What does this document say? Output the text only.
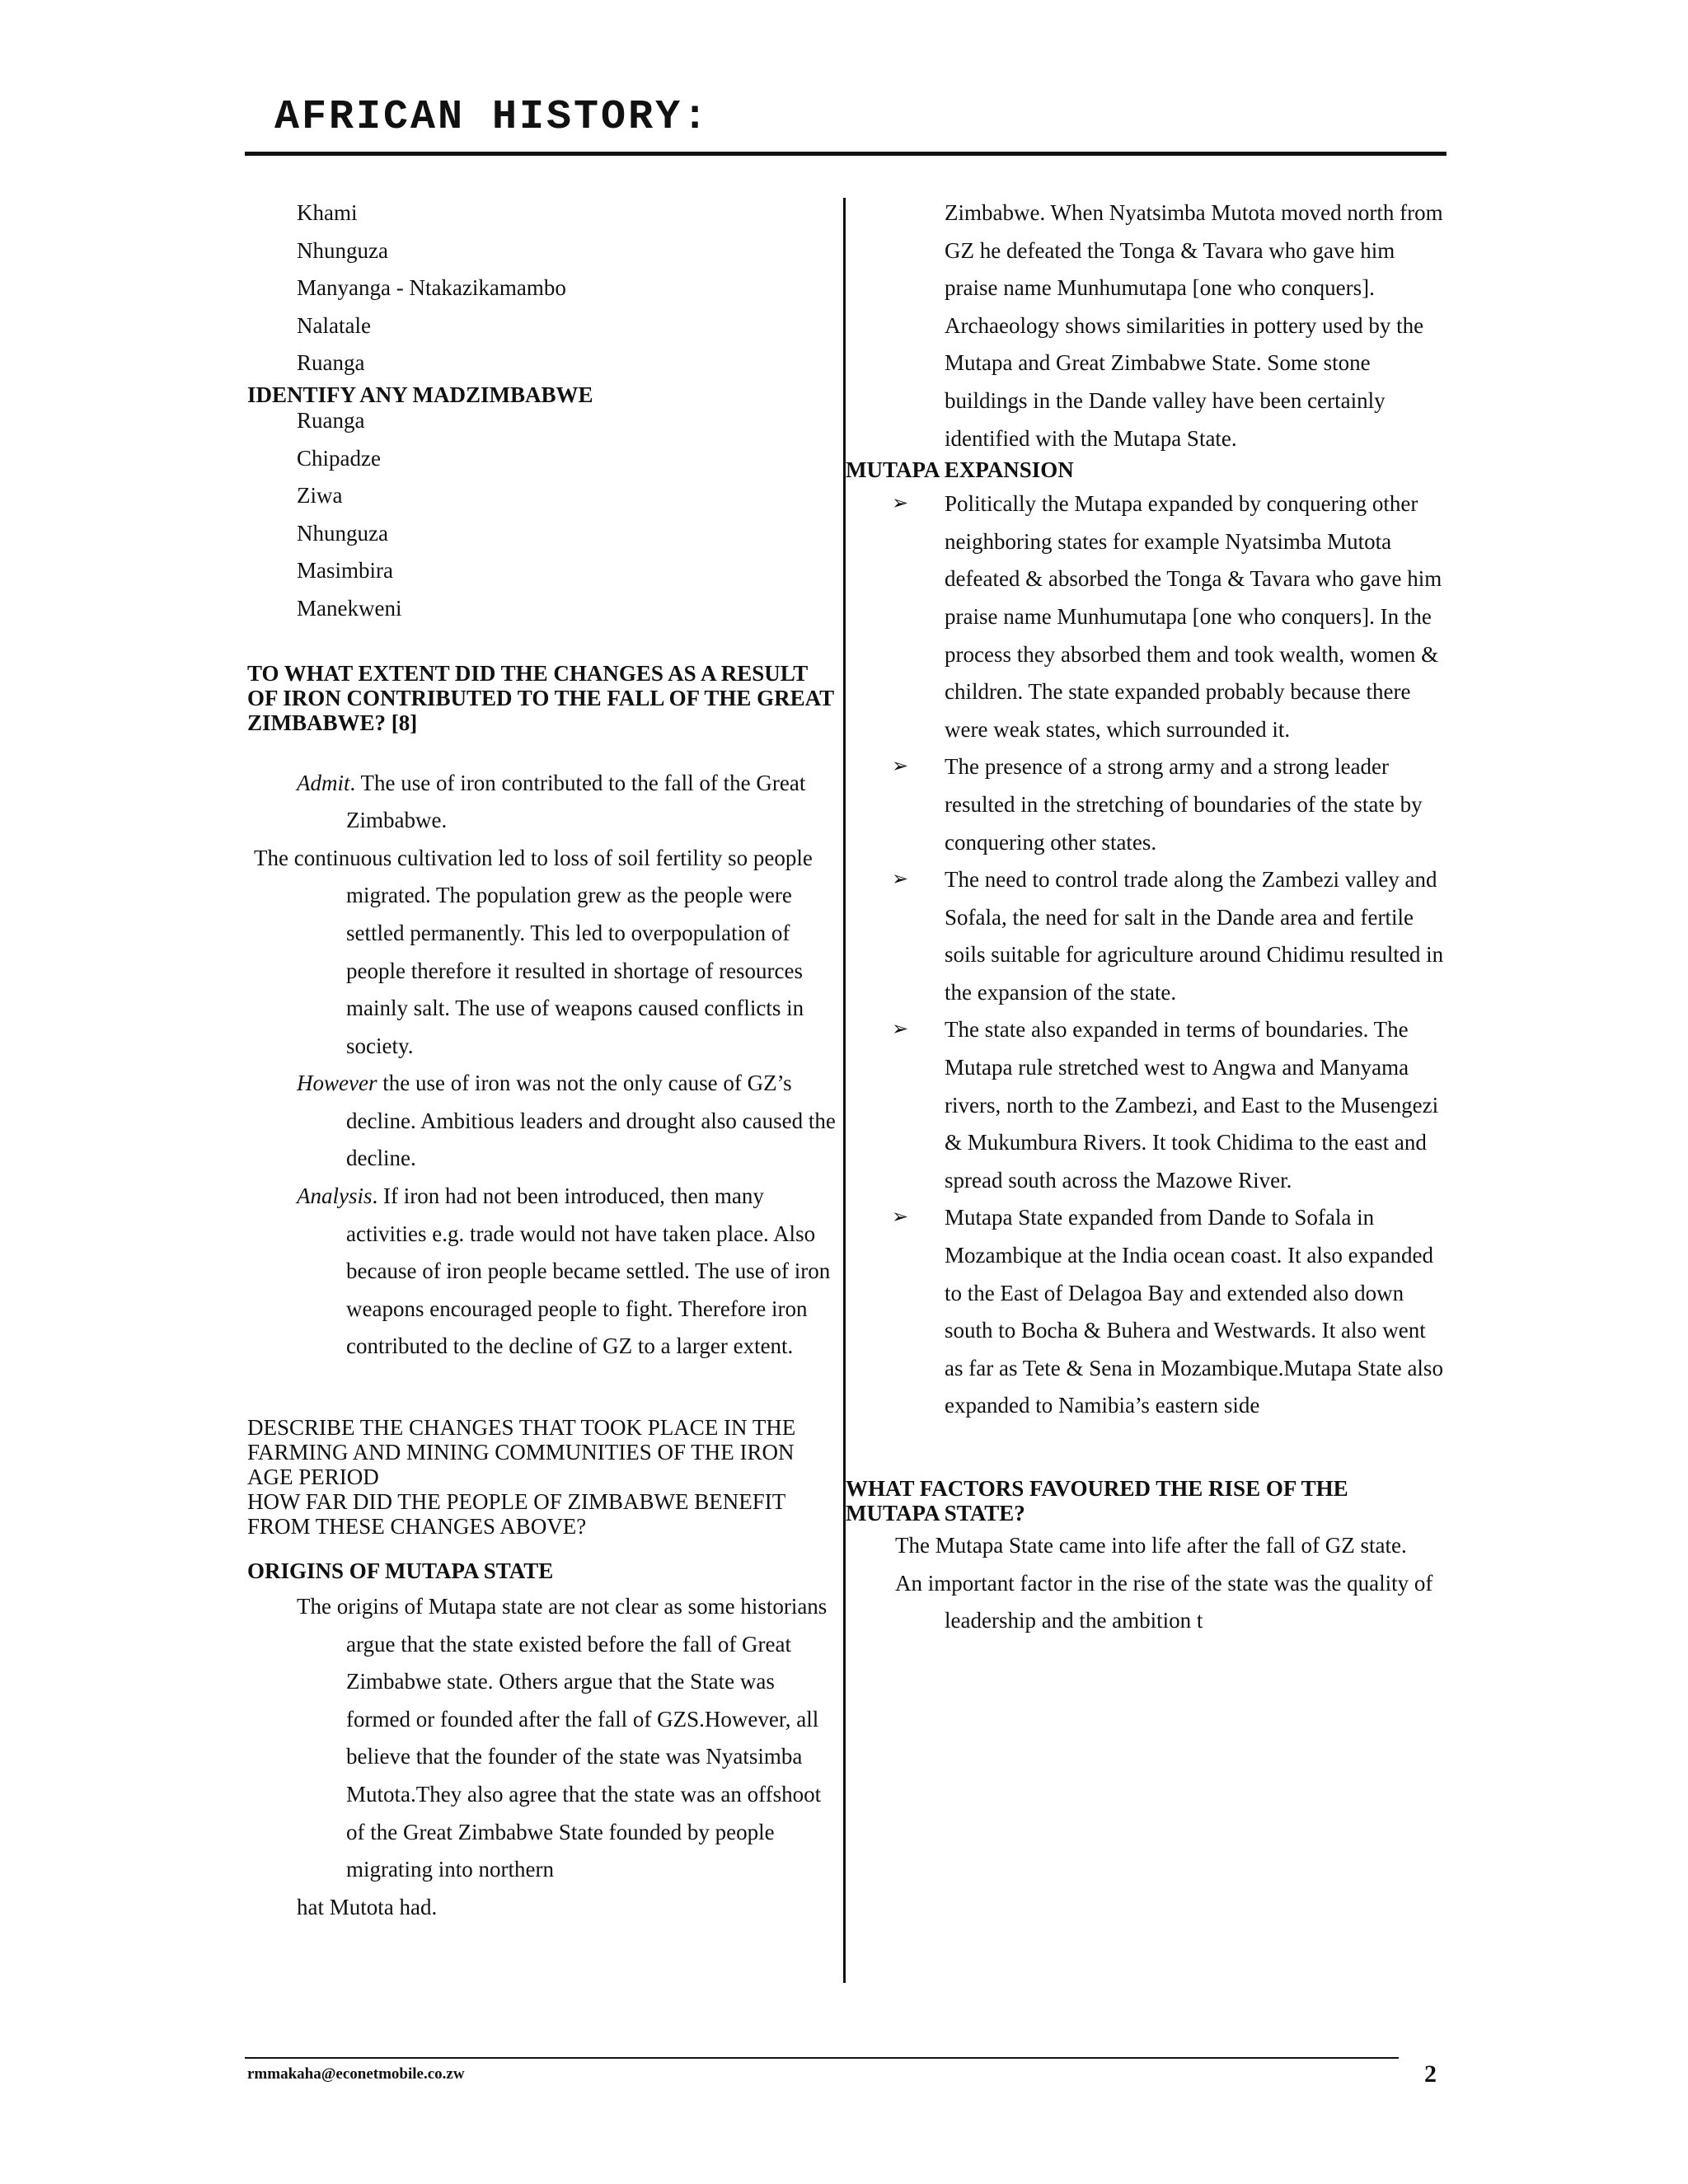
AFRICAN HISTORY:
Khami
Nhunguza
Manyanga - Ntakazikamambo
Nalatale
Ruanga

IDENTIFY ANY MADZIMBABWE

Ruanga
Chipadze
Ziwa
Nhunguza
Masimbira
Manekweni

TO WHAT EXTENT DID THE CHANGES AS A RESULT OF IRON CONTRIBUTED TO THE FALL OF THE GREAT ZIMBABWE? [8]

Admit. The use of iron contributed to the fall of the Great Zimbabwe.

The continuous cultivation led to loss of soil fertility so people migrated. The population grew as the people were settled permanently. This led to overpopulation of people therefore it resulted in shortage of resources mainly salt. The use of weapons caused conflicts in society.

However the use of iron was not the only cause of GZ’s decline. Ambitious leaders and drought also caused the decline.

Analysis. If iron had not been introduced, then many activities e.g. trade would not have taken place. Also because of iron people became settled. The use of iron weapons encouraged people to fight. Therefore iron contributed to the decline of GZ to a larger extent.

DESCRIBE THE CHANGES THAT TOOK PLACE IN THE FARMING AND MINING COMMUNITIES OF THE IRON AGE PERIOD

HOW FAR DID THE PEOPLE OF ZIMBABWE BENEFIT FROM THESE CHANGES ABOVE?

ORIGINS OF MUTAPA STATE

The origins of Mutapa state are not clear as some historians argue that the state existed before the fall of Great Zimbabwe state. Others argue that the State was formed or founded after the fall of GZS.However, all believe that the founder of the state was Nyatsimba Mutota.They also agree that the state was an offshoot of the Great Zimbabwe State founded by people migrating into northern

hat Mutota had.

Zimbabwe. When Nyatsimba Mutota moved north from GZ he defeated the Tonga & Tavara who gave him praise name Munhumutapa [one who conquers]. Archaeology shows similarities in pottery used by the Mutapa and Great Zimbabwe State. Some stone buildings in the Dande valley have been certainly identified with the Mutapa State.

MUTAPA EXPANSION

➢ Politically the Mutapa expanded by conquering other neighboring states for example Nyatsimba Mutota defeated & absorbed the Tonga & Tavara who gave him praise name Munhumutapa [one who conquers]. In the process they absorbed them and took wealth, women & children. The state expanded probably because there were weak states, which surrounded it.
➢ The presence of a strong army and a strong leader resulted in the stretching of boundaries of the state by conquering other states.
➢ The need to control trade along the Zambezi valley and Sofala, the need for salt in the Dande area and fertile soils suitable for agriculture around Chidimu resulted in the expansion of the state.
➢ The state also expanded in terms of boundaries. The Mutapa rule stretched west to Angwa and Manyama rivers, north to the Zambezi, and East to the Musengezi & Mukumbura Rivers. It took Chidima to the east and spread south across the Mazowe River.
➢ Mutapa State expanded from Dande to Sofala in Mozambique at the India ocean coast. It also expanded to the East of Delagoa Bay and extended also down south to Bocha & Buhera and Westwards. It also went as far as Tete & Sena in Mozambique.Mutapa State also expanded to Namibia’s eastern side

WHAT FACTORS FAVOURED THE RISE OF THE MUTAPA STATE?

The Mutapa State came into life after the fall of GZ state.

An important factor in the rise of the state was the quality of leadership and the ambition t

rmmakaha@econetmobile.co.zw	2
